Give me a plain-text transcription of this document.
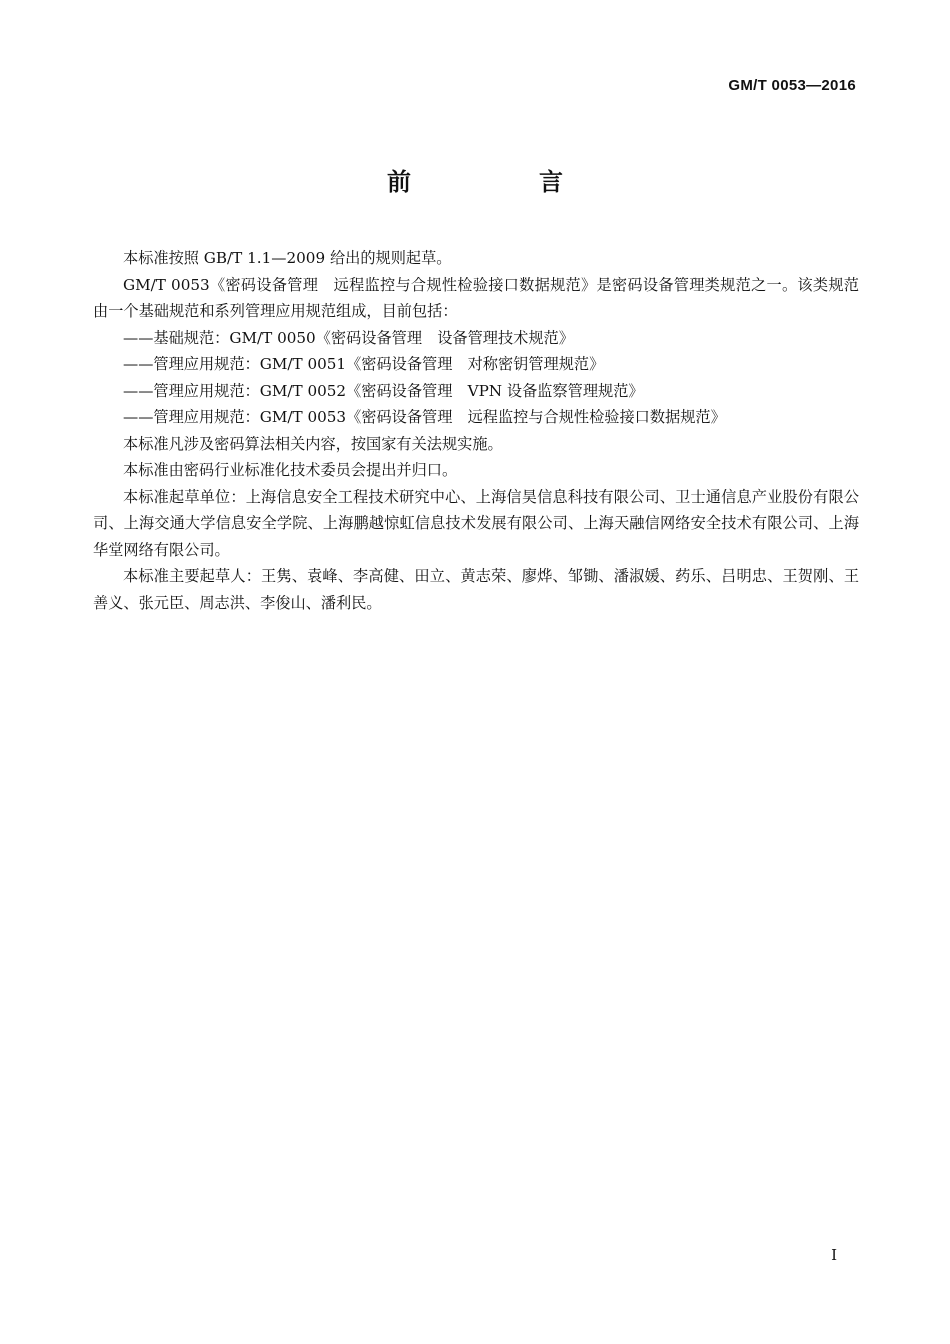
GM/T 0053—2016
前　言

本标准按照 GB/T 1.1—2009 给出的规则起草。

GM/T 0053《密码设备管理　远程监控与合规性检验接口数据规范》是密码设备管理类规范之一。该类规范由一个基础规范和系列管理应用规范组成，目前包括：

——基础规范：GM/T 0050《密码设备管理　设备管理技术规范》

——管理应用规范：GM/T 0051《密码设备管理　对称密钥管理规范》

——管理应用规范：GM/T 0052《密码设备管理　VPN 设备监察管理规范》

——管理应用规范：GM/T 0053《密码设备管理　远程监控与合规性检验接口数据规范》

本标准凡涉及密码算法相关内容，按国家有关法规实施。

本标准由密码行业标准化技术委员会提出并归口。

本标准起草单位：上海信息安全工程技术研究中心、上海信昊信息科技有限公司、卫士通信息产业股份有限公司、上海交通大学信息安全学院、上海鹏越惊虹信息技术发展有限公司、上海天融信网络安全技术有限公司、上海华堂网络有限公司。

本标准主要起草人：王隽、袁峰、李高健、田立、黄志荣、廖烨、邹锄、潘淑媛、药乐、吕明忠、王贺刚、王善义、张元臣、周志洪、李俊山、潘利民。

I
